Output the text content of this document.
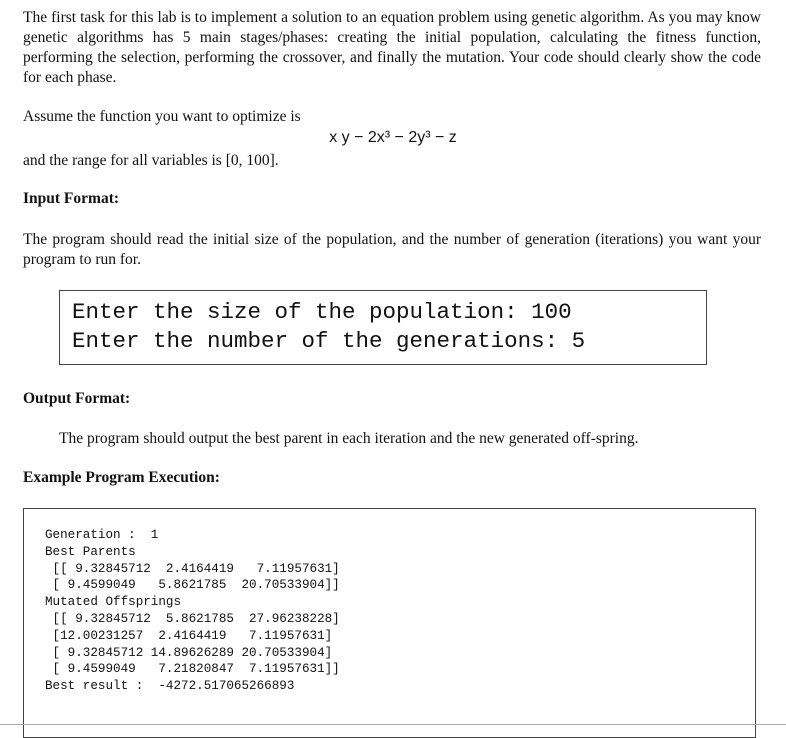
The first task for this lab is to implement a solution to an equation problem using genetic algorithm. As you may know genetic algorithms has 5 main stages/phases: creating the initial population, calculating the fitness function, performing the selection, performing the crossover, and finally the mutation. Your code should clearly show the code for each phase.

Assume the function you want to optimize is

x y − 2x³ − 2y³ − z

and the range for all variables is [0, 100].

Input Format:

The program should read the initial size of the population, and the number of generation (iterations) you want your program to run for.

Enter the size of the population: 100
Enter the number of the generations: 5

Output Format:

The program should output the best parent in each iteration and the new generated off-spring.

Example Program Execution:

Generation :  1
Best Parents
[[ 9.32845712  2.4164419   7.11957631]
[ 9.4599049   5.8621785  20.70533904]]
Mutated Offsprings
[[ 9.32845712  5.8621785  27.96238228]
[12.00231257  2.4164419   7.11957631]
[ 9.32845712 14.89626289 20.70533904]
[ 9.4599049   7.21820847  7.11957631]]
Best result :  -4272.517065266893
